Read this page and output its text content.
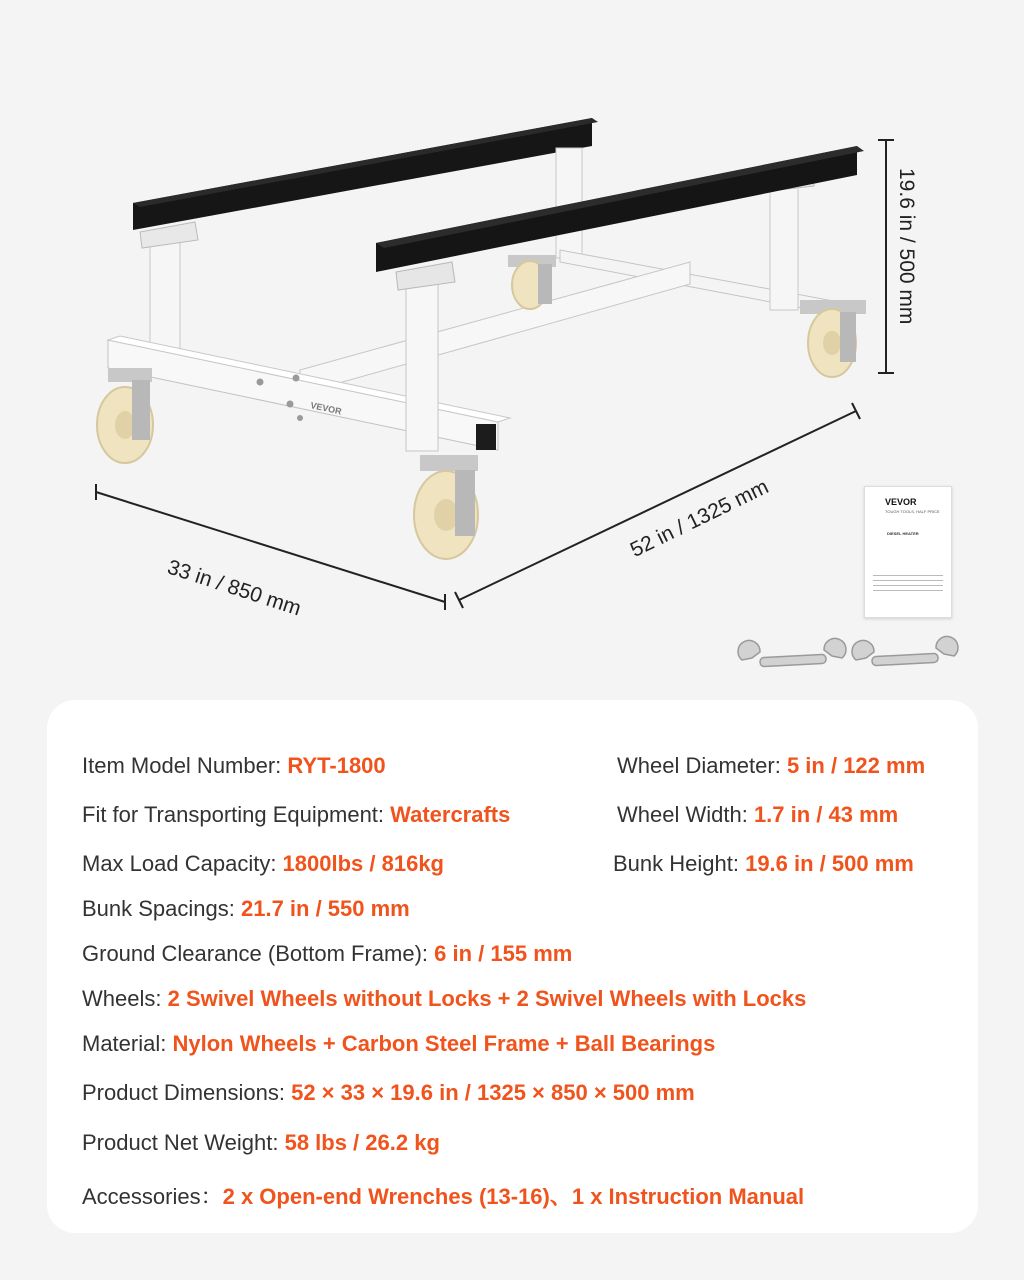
VEVOR
33 in / 850 mm
52 in / 1325 mm
19.6 in / 500 mm
VEVOR
TOUGH TOOLS, HALF PRICE
DIESEL HEATER
Item Model Number: RYT-1800	Wheel Diameter: 5 in / 122 mm
Fit for Transporting Equipment: Watercrafts	Wheel Width: 1.7 in / 43 mm
Max Load Capacity: 1800lbs / 816kg	Bunk Height: 19.6 in / 500 mm
Bunk Spacings: 21.7 in / 550 mm
Ground Clearance (Bottom Frame): 6 in / 155 mm
Wheels: 2 Swivel Wheels without Locks + 2 Swivel Wheels with Locks
Material: Nylon Wheels + Carbon Steel Frame + Ball Bearings
Product Dimensions: 52 × 33 × 19.6 in / 1325 × 850 × 500 mm
Product Net Weight: 58 lbs / 26.2 kg
Accessories：2 x Open-end Wrenches (13-16)、1 x Instruction Manual
